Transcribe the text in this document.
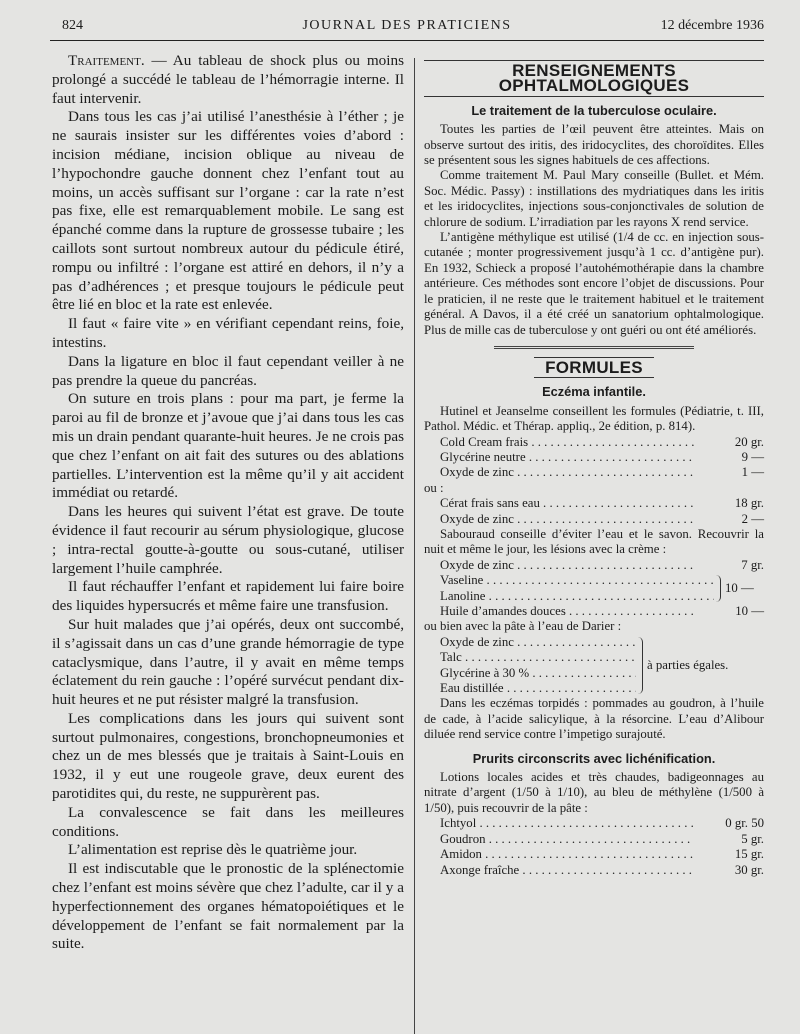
824	JOURNAL DES PRATICIENS	12 décembre 1936

Traitement. — Au tableau de shock plus ou moins prolongé a succédé le tableau de l’hémorragie interne. Il faut intervenir.

Dans tous les cas j’ai utilisé l’anesthésie à l’éther ; je ne saurais insister sur les différentes voies d’abord : incision médiane, incision oblique au niveau de l’hypochondre gauche donnent chez l’enfant tout au moins, un accès suffisant sur l’organe : car la rate n’est pas fixe, elle est remarquablement mobile. Le sang est épanché comme dans la rupture de grossesse tubaire ; les caillots sont surtout nombreux autour du pédicule étiré, rompu ou infiltré : l’organe est attiré en dehors, il n’y a pas d’adhérences ; et presque toujours le pédicule peut être lié en bloc et la rate est enlevée.

Il faut « faire vite » en vérifiant cependant reins, foie, intestins.

Dans la ligature en bloc il faut cependant veiller à ne pas prendre la queue du pancréas.

On suture en trois plans : pour ma part, je ferme la paroi au fil de bronze et j’avoue que j’ai dans tous les cas mis un drain pendant quarante-huit heures. Je ne crois pas que chez l’enfant on ait fait des sutures ou des ablations partielles. L’intervention est la même qu’il y ait accident immédiat ou retardé.

Dans les heures qui suivent l’état est grave. De toute évidence il faut recourir au sérum physiologique, glucose ; intra-rectal goutte-à-goutte ou sous-cutané, utiliser largement l’huile camphrée.

Il faut réchauffer l’enfant et rapidement lui faire boire des liquides hypersucrés et même faire une transfusion.

Sur huit malades que j’ai opérés, deux ont succombé, il s’agissait dans un cas d’une grande hémorragie de type cataclysmique, dans l’autre, il y avait en même temps éclatement du rein gauche : l’opéré survécut pendant dix-huit heures et ne put résister malgré la transfusion.

Les complications dans les jours qui suivent sont surtout pulmonaires, congestions, bronchopneumonies et chez un de mes blessés que je traitais à Saint-Louis en 1932, il y eut une rougeole grave, deux eurent des parotidites qui, du reste, ne suppurèrent pas.

La convalescence se fait dans les meilleures conditions.

L’alimentation est reprise dès le quatrième jour.

Il est indiscutable que le pronostic de la splénectomie chez l’enfant est moins sévère que chez l’adulte, car il y a hyperfectionnement des organes hématopoiétiques et le développement de l’enfant se fait normalement par la suite.

RENSEIGNEMENTS OPHTALMOLOGIQUES
Le traitement de la tuberculose oculaire.

Toutes les parties de l’œil peuvent être atteintes. Mais on observe surtout des iritis, des iridocyclites, des choroïdites. Elles se présentent sous les signes habituels de ces affections.

Comme traitement M. Paul Mary conseille (Bullet. et Mém. Soc. Médic. Passy) : instillations des mydriatiques dans les iritis et les iridocyclites, injections sous-conjonctivales de solution de chlorure de sodium. L’irradiation par les rayons X rend service.

L’antigène méthylique est utilisé (1/4 de cc. en injection sous-cutanée ; monter progressivement jusqu’à 1 cc. d’antigène pur). En 1932, Schieck a proposé l’autohémothérapie dans la chambre antérieure. Ces méthodes sont encore l’objet de discussions. Pour le praticien, il ne reste que le traitement habituel et le traitement général. A Davos, il a été créé un sanatorium ophtalmologique. Plus de mille cas de tuberculose y ont guéri ou ont été améliorés.

FORMULES
Eczéma infantile.

Hutinel et Jeanselme conseillent les formules (Pédiatrie, t. III, Pathol. Médic. et Thérap. appliq., 2e édition, p. 814).

Cold Cream frais . . .	20 gr.
Glycérine neutre . . .	9 —
Oxyde de zinc . . .	1 —

ou :

Cérat frais sans eau . . .	18 gr.
Oxyde de zinc . . .	2 —

Sabouraud conseille d’éviter l’eau et le savon. Recouvrir la nuit et même le jour, les lésions avec la crème :

Oxyde de zinc . . .	7 gr.
Vaseline . . .
Lanoline . . .
10 —
Huile d’amandes douces . . .	10 —

ou bien avec la pâte à l’eau de Darier :

Oxyde de zinc . . .
Talc . . .
Glycérine à 30 % . . .
Eau distillée . . .
à parties égales.

Dans les eczémas torpidés : pommades au goudron, à l’huile de cade, à l’acide salicylique, à la résorcine. L’eau d’Alibour diluée rend service contre l’impetigo surajouté.

Prurits circonscrits avec lichénification.

Lotions locales acides et très chaudes, badigeonnages au nitrate d’argent (1/50 à 1/10), au bleu de méthylène (1/500 à 1/50), puis recouvrir de la pâte :

Ichtyol . . .	0 gr. 50
Goudron . . .	5 gr.
Amidon . . .	15 gr.
Axonge fraîche . . .	30 gr.
